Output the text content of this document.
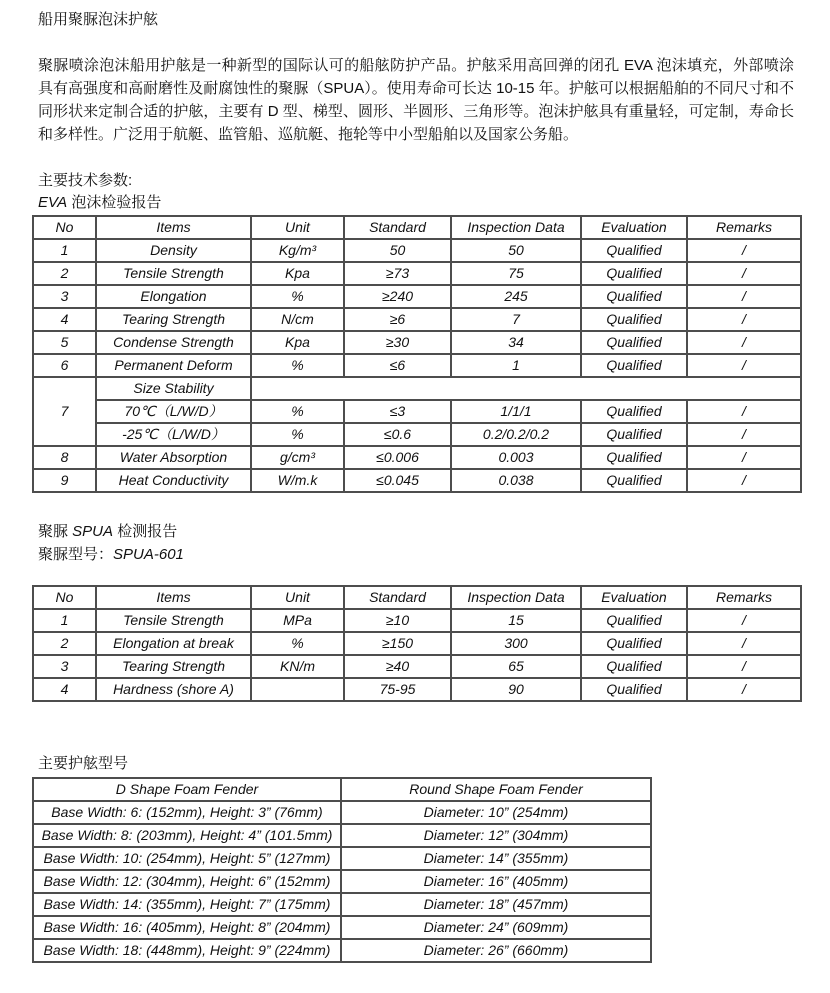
船用聚脲泡沫护舷
聚脲喷涂泡沫船用护舷是一种新型的国际认可的船舷防护产品。护舷采用高回弹的闭孔 EVA 泡沫填充，外部喷涂具有高强度和高耐磨性及耐腐蚀性的聚脲（SPUA）。使用寿命可长达 10-15 年。护舷可以根据船舶的不同尺寸和不同形状来定制合适的护舷，主要有 D 型、梯型、圆形、半圆形、三角形等。泡沫护舷具有重量轻，可定制，寿命长和多样性。广泛用于航艇、监管船、巡航艇、拖轮等中小型船舶以及国家公务船。
主要技术参数:
EVA 泡沫检验报告
No	Items	Unit	Standard	Inspection Data	Evaluation	Remarks
1	Density	Kg/m³	50	50	Qualified	/
2	Tensile Strength	Kpa	≥73	75	Qualified	/
3	Elongation	%	≥240	245	Qualified	/
4	Tearing Strength	N/cm	≥6	7	Qualified	/
5	Condense Strength	Kpa	≥30	34	Qualified	/
6	Permanent Deform	%	≤6	1	Qualified	/
7	Size Stability					
	70℃（L/W/D）	%	≤3	1/1/1	Qualified	/
	-25℃（L/W/D）	%	≤0.6	0.2/0.2/0.2	Qualified	/
8	Water Absorption	g/cm³	≤0.006	0.003	Qualified	/
9	Heat Conductivity	W/m.k	≤0.045	0.038	Qualified	/
聚脲 SPUA 检测报告
聚脲型号：SPUA-601
No	Items	Unit	Standard	Inspection Data	Evaluation	Remarks
1	Tensile Strength	MPa	≥10	15	Qualified	/
2	Elongation at break	%	≥150	300	Qualified	/
3	Tearing Strength	KN/m	≥40	65	Qualified	/
4	Hardness (shore A)		75-95	90	Qualified	/
主要护舷型号
D Shape Foam Fender	Round Shape Foam Fender
Base Width: 6: (152mm), Height: 3” (76mm)	Diameter: 10” (254mm)
Base Width: 8: (203mm), Height: 4” (101.5mm)	Diameter: 12” (304mm)
Base Width: 10: (254mm), Height: 5” (127mm)	Diameter: 14” (355mm)
Base Width: 12: (304mm), Height: 6” (152mm)	Diameter: 16” (405mm)
Base Width: 14: (355mm), Height: 7” (175mm)	Diameter: 18” (457mm)
Base Width: 16: (405mm), Height: 8” (204mm)	Diameter: 24” (609mm)
Base Width: 18: (448mm), Height: 9” (224mm)	Diameter: 26” (660mm)
